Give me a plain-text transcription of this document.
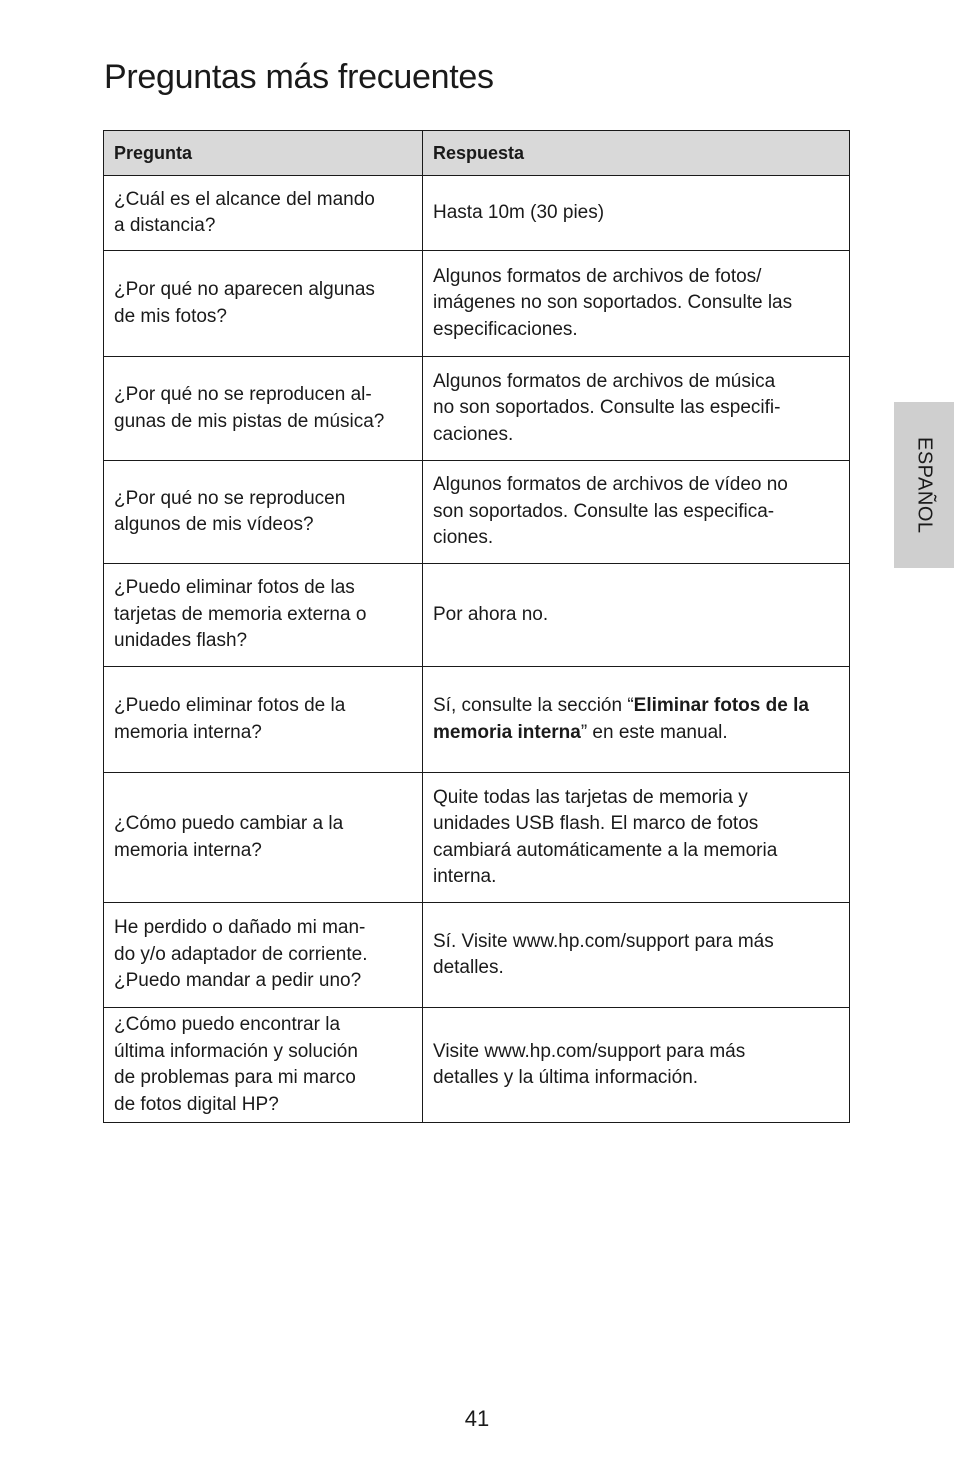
Preguntas más frecuentes
Pregunta	Respuesta

¿Cuál es el alcance del mando
a distancia?	Hasta 10m (30 pies)

¿Por qué no aparecen algunas
de mis fotos?	Algunos formatos de archivos de fotos/
imágenes no son soportados. Consulte las
especificaciones.

¿Por qué no se reproducen al-
gunas de mis pistas de música?	Algunos formatos de archivos de música
no son soportados. Consulte las especifi-
caciones.

¿Por qué no se reproducen
algunos de mis vídeos?	Algunos formatos de archivos de vídeo no
son soportados. Consulte las especifica-
ciones.

¿Puedo eliminar fotos de las
tarjetas de memoria externa o
unidades flash?	Por ahora no.

¿Puedo eliminar fotos de la
memoria interna?	Sí, consulte la sección “Eliminar fotos de la
memoria interna” en este manual.

¿Cómo puedo cambiar a la
memoria interna?	Quite todas las tarjetas de memoria y
unidades USB flash. El marco de fotos
cambiará automáticamente a la memoria
interna.

He perdido o dañado mi man-
do y/o adaptador de corriente.
¿Puedo mandar a pedir uno?	Sí. Visite www.hp.com/support para más
detalles.

¿Cómo puedo encontrar la
última información y solución
de problemas para mi marco
de fotos digital HP?	Visite www.hp.com/support para más
detalles y la última información.
ESPAÑOL
41
